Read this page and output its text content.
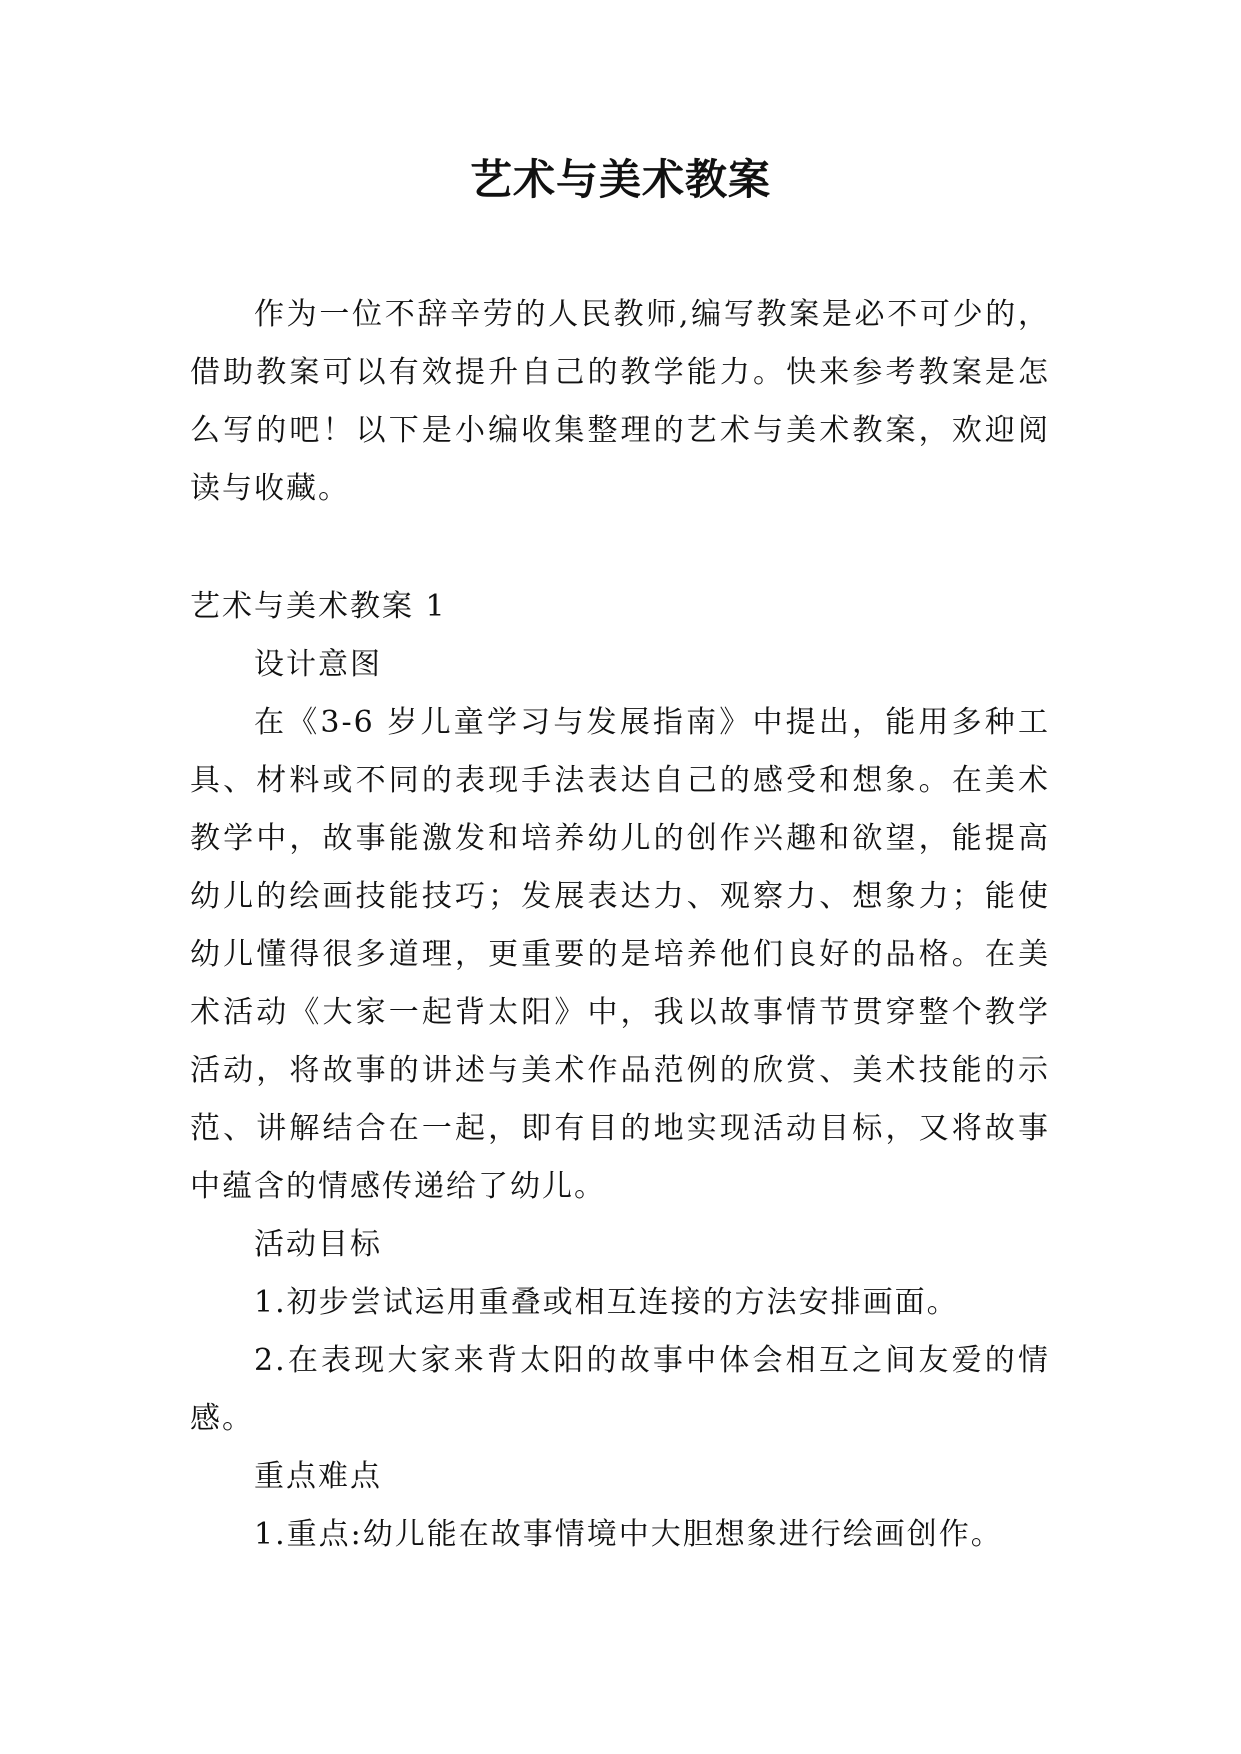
艺术与美术教案

作为一位不辞辛劳的人民教师,编写教案是必不可少的，借助教案可以有效提升自己的教学能力。快来参考教案是怎么写的吧！以下是小编收集整理的艺术与美术教案，欢迎阅读与收藏。

艺术与美术教案 1

设计意图

在《3-6 岁儿童学习与发展指南》中提出，能用多种工具、材料或不同的表现手法表达自己的感受和想象。在美术教学中，故事能激发和培养幼儿的创作兴趣和欲望，能提高幼儿的绘画技能技巧；发展表达力、观察力、想象力；能使幼儿懂得很多道理，更重要的是培养他们良好的品格。在美术活动《大家一起背太阳》中，我以故事情节贯穿整个教学活动，将故事的讲述与美术作品范例的欣赏、美术技能的示范、讲解结合在一起，即有目的地实现活动目标，又将故事中蕴含的情感传递给了幼儿。

活动目标

1.初步尝试运用重叠或相互连接的方法安排画面。

2.在表现大家来背太阳的故事中体会相互之间友爱的情感。

重点难点

1.重点:幼儿能在故事情境中大胆想象进行绘画创作。
